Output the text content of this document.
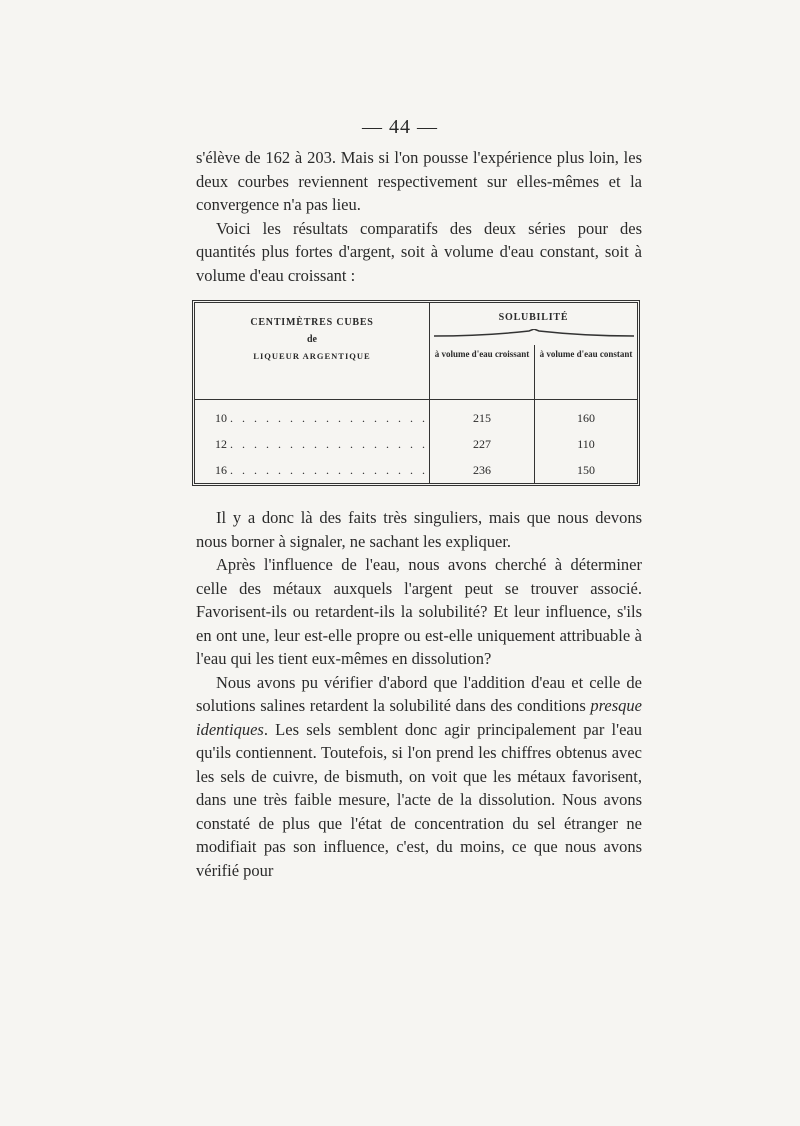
— 44 —

s'élève de 162 à 203. Mais si l'on pousse l'expérience plus loin, les deux courbes reviennent respectivement sur elles-mêmes et la convergence n'a pas lieu.

Voici les résultats comparatifs des deux séries pour des quantités plus fortes d'argent, soit à volume d'eau constant, soit à volume d'eau croissant :

CENTIMÈTRES CUBES
de
LIQUEUR ARGENTIQUE	SOLUBILITÉ	

	à volume d'eau croissant	à volume d'eau constant
10 . . . . . . . . . . . . . . . . .	215	160
12 . . . . . . . . . . . . . . . . .	227	110
16 . . . . . . . . . . . . . . . . .	236	150

Il y a donc là des faits très singuliers, mais que nous devons nous borner à signaler, ne sachant les expliquer.

Après l'influence de l'eau, nous avons cherché à déterminer celle des métaux auxquels l'argent peut se trouver associé. Favorisent-ils ou retardent-ils la solubilité? Et leur influence, s'ils en ont une, leur est-elle propre ou est-elle uniquement attribuable à l'eau qui les tient eux-mêmes en dissolution?

Nous avons pu vérifier d'abord que l'addition d'eau et celle de solutions salines retardent la solubilité dans des conditions presque identiques. Les sels semblent donc agir principalement par l'eau qu'ils contiennent. Toutefois, si l'on prend les chiffres obtenus avec les sels de cuivre, de bismuth, on voit que les métaux favorisent, dans une très faible mesure, l'acte de la dissolution. Nous avons constaté de plus que l'état de concentration du sel étranger ne modifiait pas son influence, c'est, du moins, ce que nous avons vérifié pour
